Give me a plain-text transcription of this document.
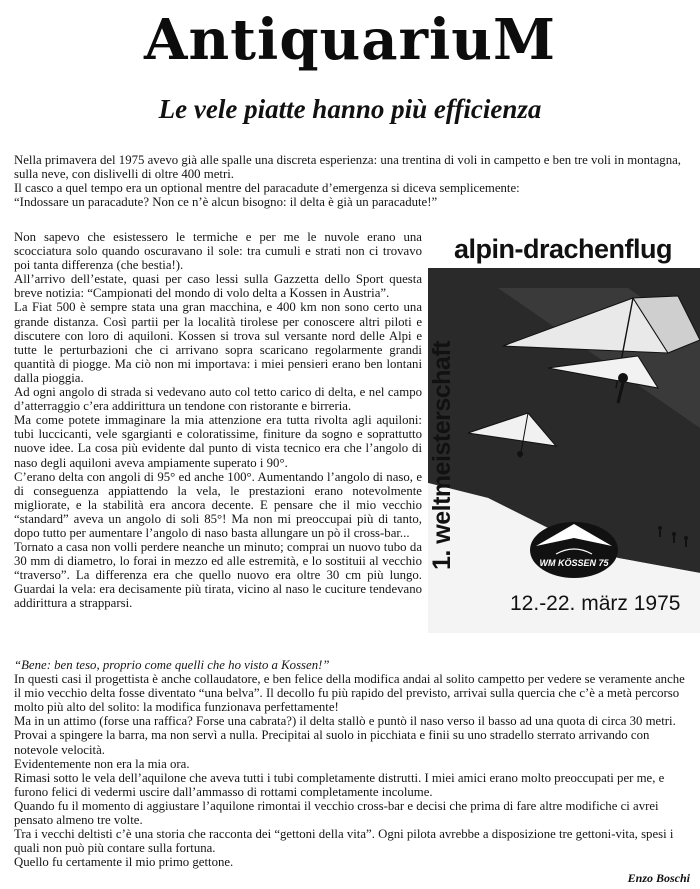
AntiquariuM
Le vele piatte hanno più efficienza

Nella primavera del 1975 avevo già alle spalle una discreta esperienza: una trentina di voli in campetto e ben tre voli in montagna, sulla neve, con dislivelli di oltre 400 metri.

Il casco a quel tempo era un optional mentre del paracadute d’emergenza si diceva semplicemente:

“Indossare un paracadute? Non ce n’è alcun bisogno: il delta è già un paracadute!”

Non sapevo che esistessero le termiche e per me le nuvole erano una scocciatura solo quando oscuravano il sole: tra cumuli e strati non ci trovavo poi tanta differenza (che bestia!).

All’arrivo dell’estate, quasi per caso lessi sulla Gazzetta dello Sport questa breve notizia: “Campionati del mondo di volo delta a Kossen in Austria”.

La Fiat 500 è sempre stata una gran macchina, e 400 km non sono certo una grande distanza. Così partii per la località tirolese per conoscere altri piloti e discutere con loro di aquiloni. Kossen si trova sul versante nord delle Alpi e tutte le perturbazioni che ci arrivano sopra scaricano regolarmente grandi quantità di piogge. Ma ciò non mi importava: i miei pensieri erano ben lontani dalla pioggia.

Ad ogni angolo di strada si vedevano auto col tetto carico di delta, e nel campo d’atterraggio c’era addirittura un tendone con ristorante e birreria.

Ma come potete immaginare la mia attenzione era tutta rivolta agli aquiloni: tubi luccicanti, vele sgargianti e coloratissime, finiture da sogno e soprattutto nuove idee. La cosa più evidente dal punto di vista tecnico era che l’angolo di naso degli aquiloni aveva ampiamente superato i 90°.

C’erano delta con angoli di 95° ed anche 100°. Aumentando l’angolo di naso, e di conseguenza appiattendo la vela, le prestazioni erano notevolmente migliorate, e la stabilità era ancora decente. E pensare che il mio vecchio “standard” aveva un angolo di soli 85°! Ma non mi preoccupai più di tanto, dopo tutto per aumentare l’angolo di naso basta allungare un pò il cross-bar...

Tornato a casa non volli perdere neanche un minuto; comprai un nuovo tubo da 30 mm di diametro, lo forai in mezzo ed alle estremità, e lo sostituii al vecchio “traverso”. La differenza era che quello nuovo era oltre 30 cm più lungo. Guardai la vela: era decisamente più tirata, vicino al naso le cuciture tendevano addirittura a strapparsi.

“Bene: ben teso, proprio come quelli che ho visto a Kossen!”

In questi casi il progettista è anche collaudatore, e ben felice della modifica andai al solito campetto per vedere se veramente anche il mio vecchio delta fosse diventato “una belva”. Il decollo fu più rapido del previsto, arrivai sulla quercia che c’è a metà percorso molto più alto del solito: la modifica funzionava perfettamente!

Ma in un attimo (forse una raffica? Forse una cabrata?) il delta stallò e puntò il naso verso il basso ad una quota di circa 30 metri. Provai a spingere la barra, ma non servì a nulla. Precipitai al suolo in picchiata e finii su uno stradello sterrato arrivando con notevole velocità.

Evidentemente non era la mia ora.

Rimasi sotto le vela dell’aquilone che aveva tutti i tubi completamente distrutti. I miei amici erano molto preoccupati per me, e furono felici di vedermi uscire dall’ammasso di rottami completamente incolume.

Quando fu il momento di aggiustare l’aquilone rimontai il vecchio cross-bar e decisi che prima di fare altre modifiche ci avrei pensato almeno tre volte.

Tra i vecchi deltisti c’è una storia che racconta dei “gettoni della vita”. Ogni pilota avrebbe a disposizione tre gettoni-vita, spesi i quali non può più contare sulla fortuna.

Quello fu certamente il mio primo gettone.

Enzo Boschi
alpin-drachenflug
1. weltmeisterschaft	WM KÖSSEN 75
12.-22. märz 1975
